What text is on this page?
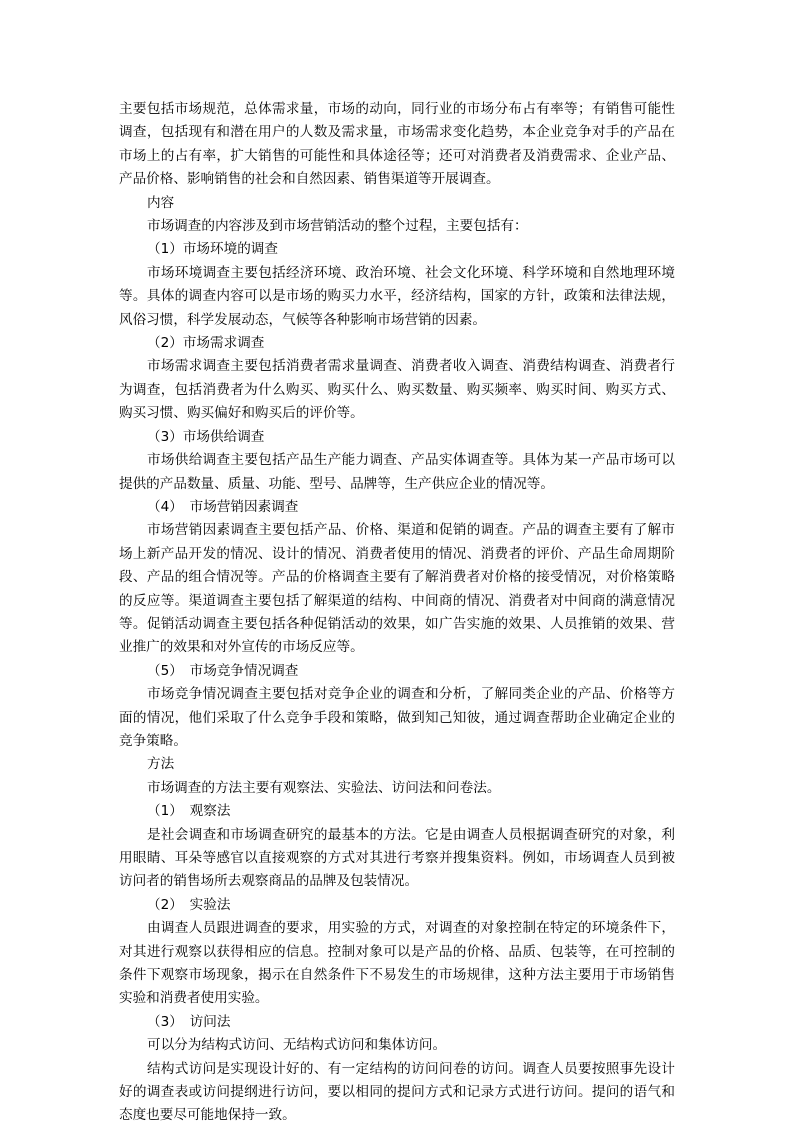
主要包括市场规范，总体需求量，市场的动向，同行业的市场分布占有率等；有销售可能性调查，包括现有和潜在用户的人数及需求量，市场需求变化趋势，本企业竞争对手的产品在市场上的占有率，扩大销售的可能性和具体途径等；还可对消费者及消费需求、企业产品、产品价格、影响销售的社会和自然因素、销售渠道等开展调查。

内容

市场调查的内容涉及到市场营销活动的整个过程，主要包括有：

（1）市场环境的调查

市场环境调查主要包括经济环境、政治环境、社会文化环境、科学环境和自然地理环境等。具体的调查内容可以是市场的购买力水平，经济结构，国家的方针，政策和法律法规，风俗习惯，科学发展动态，气候等各种影响市场营销的因素。

（2）市场需求调查

市场需求调查主要包括消费者需求量调查、消费者收入调查、消费结构调查、消费者行为调查，包括消费者为什么购买、购买什么、购买数量、购买频率、购买时间、购买方式、购买习惯、购买偏好和购买后的评价等。

（3）市场供给调查

市场供给调查主要包括产品生产能力调查、产品实体调查等。具体为某一产品市场可以提供的产品数量、质量、功能、型号、品牌等，生产供应企业的情况等。

（4）　市场营销因素调查

市场营销因素调查主要包括产品、价格、渠道和促销的调查。产品的调查主要有了解市场上新产品开发的情况、设计的情况、消费者使用的情况、消费者的评价、产品生命周期阶段、产品的组合情况等。产品的价格调查主要有了解消费者对价格的接受情况，对价格策略的反应等。渠道调查主要包括了解渠道的结构、中间商的情况、消费者对中间商的满意情况等。促销活动调查主要包括各种促销活动的效果，如广告实施的效果、人员推销的效果、营业推广的效果和对外宣传的市场反应等。

（5）　市场竞争情况调查

市场竞争情况调查主要包括对竞争企业的调查和分析，了解同类企业的产品、价格等方面的情况，他们采取了什么竞争手段和策略，做到知己知彼，通过调查帮助企业确定企业的竞争策略。

方法

市场调查的方法主要有观察法、实验法、访问法和问卷法。

（1）　观察法

是社会调查和市场调查研究的最基本的方法。它是由调查人员根据调查研究的对象，利用眼睛、耳朵等感官以直接观察的方式对其进行考察并搜集资料。例如，市场调查人员到被访问者的销售场所去观察商品的品牌及包装情况。

（2）　实验法

由调查人员跟进调查的要求，用实验的方式，对调查的对象控制在特定的环境条件下，对其进行观察以获得相应的信息。控制对象可以是产品的价格、品质、包装等，在可控制的条件下观察市场现象，揭示在自然条件下不易发生的市场规律，这种方法主要用于市场销售实验和消费者使用实验。

（3）　访问法

可以分为结构式访问、无结构式访问和集体访问。

结构式访问是实现设计好的、有一定结构的访问问卷的访问。调查人员要按照事先设计好的调查表或访问提纲进行访问，要以相同的提问方式和记录方式进行访问。提问的语气和态度也要尽可能地保持一致。
